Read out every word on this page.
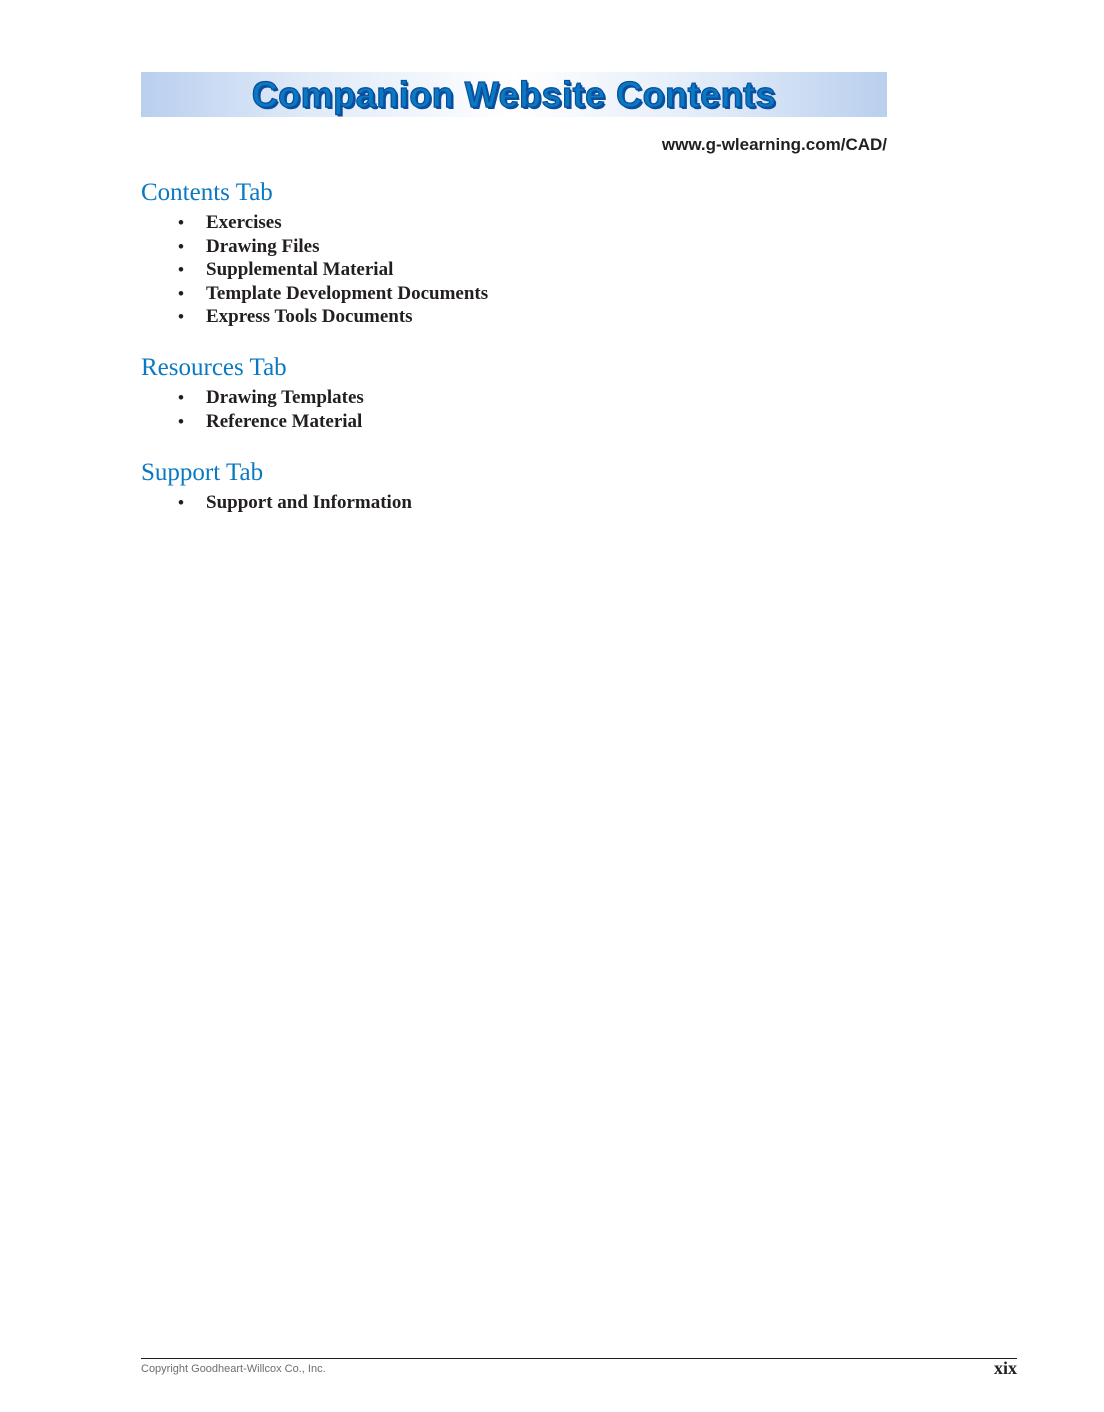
Companion Website Contents
www.g-wlearning.com/CAD/
Contents Tab
•	Exercises
•	Drawing Files
•	Supplemental Material
•	Template Development Documents
•	Express Tools Documents
Resources Tab
•	Drawing Templates
•	Reference Material
Support Tab
•	Support and Information
Copyright Goodheart-Willcox Co., Inc.	xix
